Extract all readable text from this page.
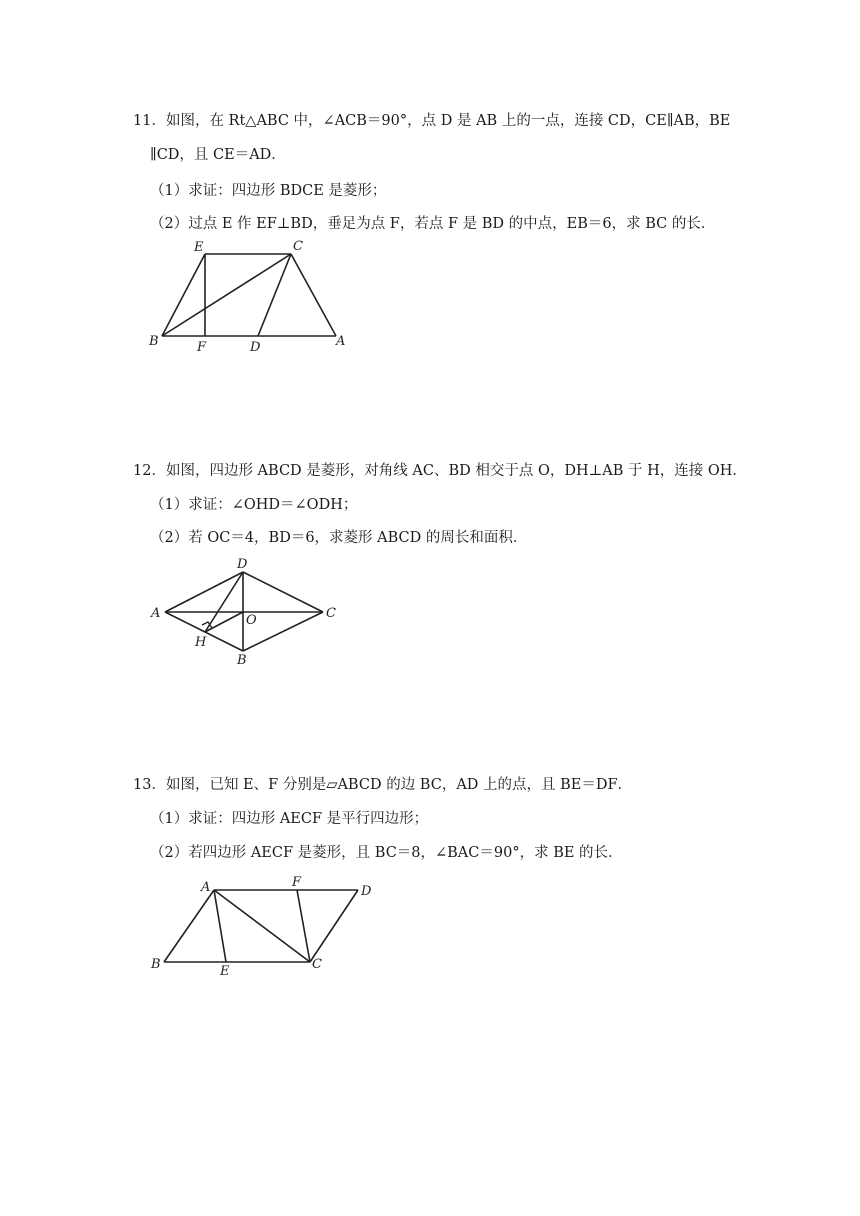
11．如图，在 Rt△ABC 中，∠ACB＝90°，点 D 是 AB 上的一点，连接 CD，CE∥AB，BE
∥CD，且 CE＝AD．
（1）求证：四边形 BDCE 是菱形；
（2）过点 E 作 EF⊥BD，垂足为点 F，若点 F 是 BD 的中点，EB＝6，求 BC 的长．
E	C
B	F	D	A
12．如图，四边形 ABCD 是菱形，对角线 AC、BD 相交于点 O，DH⊥AB 于 H，连接 OH．
（1）求证：∠OHD＝∠ODH；
（2）若 OC＝4，BD＝6，求菱形 ABCD 的周长和面积．
D
A	O	C
H
B
13．如图，已知 E、F 分别是▱ABCD 的边 BC，AD 上的点，且 BE＝DF．
（1）求证：四边形 AECF 是平行四边形；
（2）若四边形 AECF 是菱形，且 BC＝8，∠BAC＝90°，求 BE 的长．
A	F
D
B	E	C
